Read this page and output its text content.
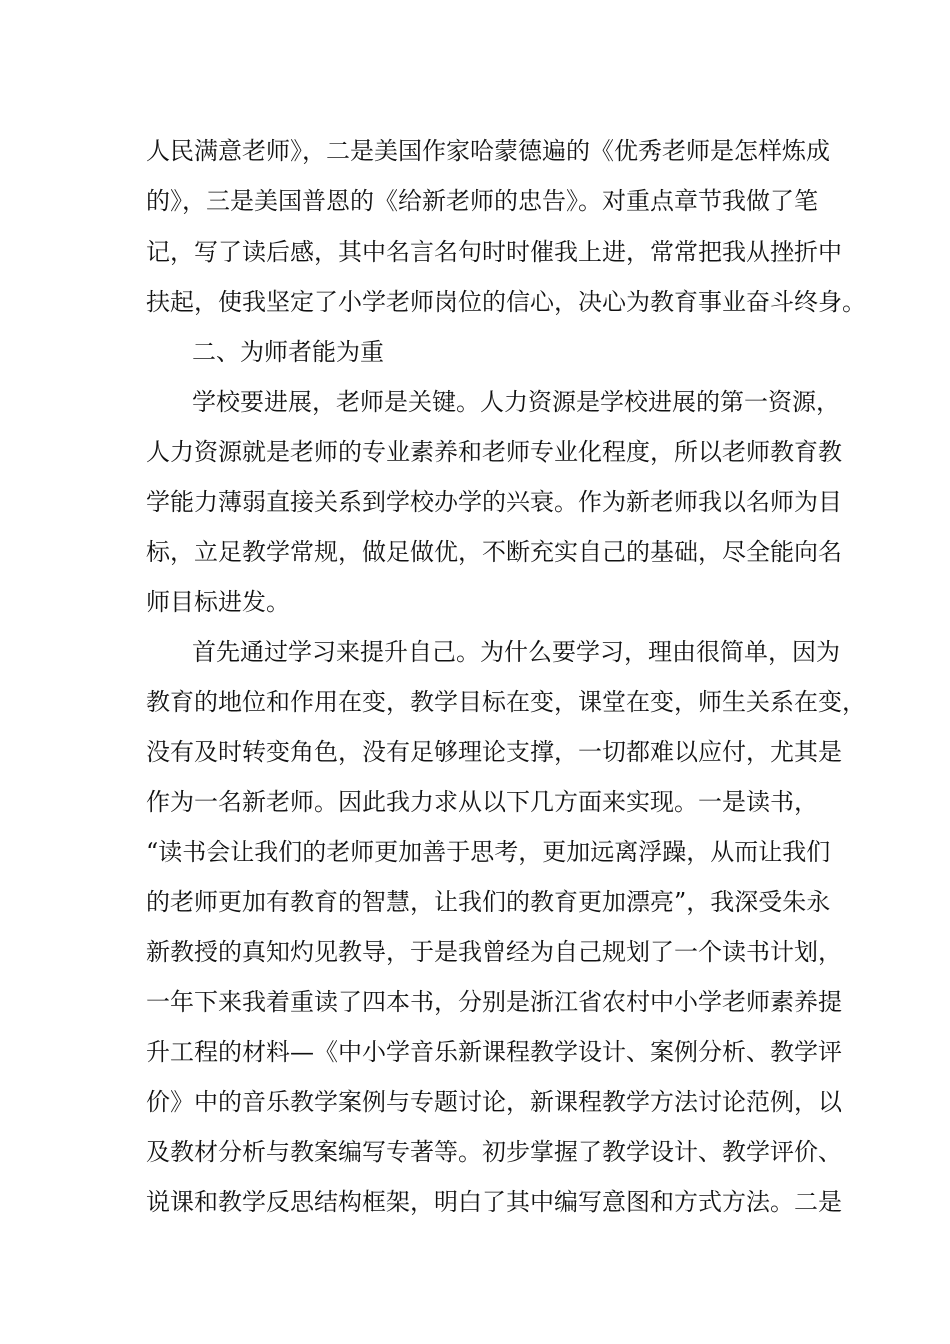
人民满意老师》，二是美国作家哈蒙德遍的《优秀老师是怎样炼成
的》，三是美国普恩的《给新老师的忠告》。对重点章节我做了笔
记，写了读后感，其中名言名句时时催我上进，常常把我从挫折中
扶起，使我坚定了小学老师岗位的信心，决心为教育事业奋斗终身。
二、为师者能为重
学校要进展，老师是关键。人力资源是学校进展的第一资源，
人力资源就是老师的专业素养和老师专业化程度，所以老师教育教
学能力薄弱直接关系到学校办学的兴衰。作为新老师我以名师为目
标，立足教学常规，做足做优，不断充实自己的基础，尽全能向名
师目标进发。
首先通过学习来提升自己。为什么要学习，理由很简单，因为
教育的地位和作用在变，教学目标在变，课堂在变，师生关系在变，
没有及时转变角色，没有足够理论支撑，一切都难以应付，尤其是
作为一名新老师。因此我力求从以下几方面来实现。一是读书，
“读书会让我们的老师更加善于思考，更加远离浮躁，从而让我们
的老师更加有教育的智慧，让我们的教育更加漂亮”，我深受朱永
新教授的真知灼见教导，于是我曾经为自己规划了一个读书计划，
一年下来我着重读了四本书，分别是浙江省农村中小学老师素养提
升工程的材料—《中小学音乐新课程教学设计、案例分析、教学评
价》中的音乐教学案例与专题讨论，新课程教学方法讨论范例，以
及教材分析与教案编写专著等。初步掌握了教学设计、教学评价、
说课和教学反思结构框架，明白了其中编写意图和方式方法。二是
